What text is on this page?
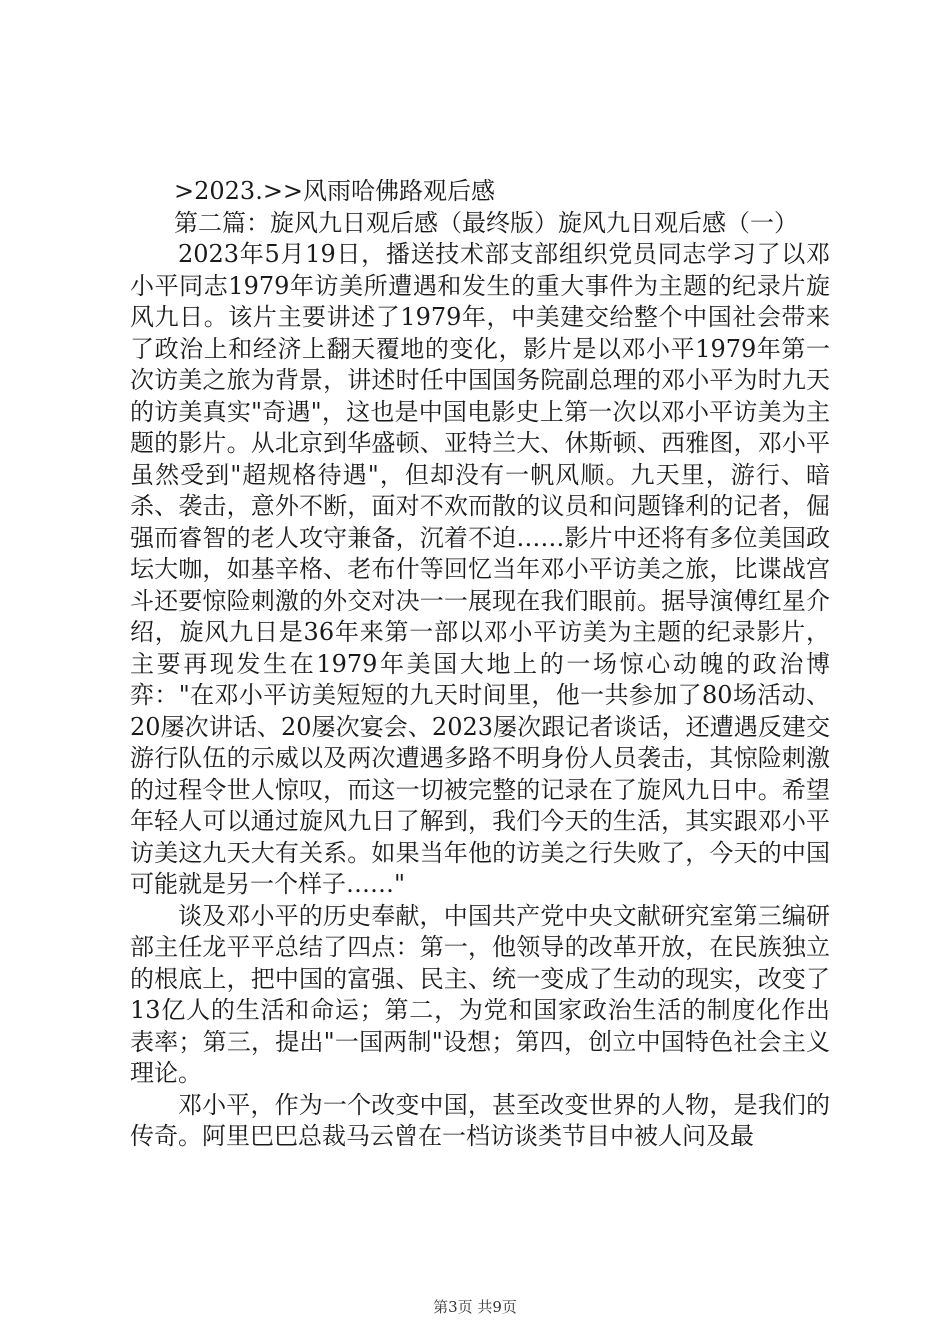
>2023.>>风雨哈佛路观后感

第二篇：旋风九日观后感（最终版）旋风九日观后感（一）

2023年5月19日，播送技术部支部组织党员同志学习了以邓小平同志1979年访美所遭遇和发生的重大事件为主题的纪录片旋风九日。该片主要讲述了1979年，中美建交给整个中国社会带来了政治上和经济上翻天覆地的变化，影片是以邓小平1979年第一次访美之旅为背景，讲述时任中国国务院副总理的邓小平为时九天的访美真实"奇遇"，这也是中国电影史上第一次以邓小平访美为主题的影片。从北京到华盛顿、亚特兰大、休斯顿、西雅图，邓小平虽然受到"超规格待遇"，但却没有一帆风顺。九天里，游行、暗杀、袭击，意外不断，面对不欢而散的议员和问题锋利的记者，倔强而睿智的老人攻守兼备，沉着不迫……影片中还将有多位美国政坛大咖，如基辛格、老布什等回忆当年邓小平访美之旅，比谍战宫斗还要惊险刺激的外交对决一一展现在我们眼前。据导演傅红星介绍，旋风九日是36年来第一部以邓小平访美为主题的纪录影片，主要再现发生在1979年美国大地上的一场惊心动魄的政治博弈："在邓小平访美短短的九天时间里，他一共参加了80场活动、20屡次讲话、20屡次宴会、2023屡次跟记者谈话，还遭遇反建交游行队伍的示威以及两次遭遇多路不明身份人员袭击，其惊险刺激的过程令世人惊叹，而这一切被完整的记录在了旋风九日中。希望年轻人可以通过旋风九日了解到，我们今天的生活，其实跟邓小平访美这九天大有关系。如果当年他的访美之行失败了，今天的中国可能就是另一个样子……"

谈及邓小平的历史奉献，中国共产党中央文献研究室第三编研部主任龙平平总结了四点：第一，他领导的改革开放，在民族独立的根底上，把中国的富强、民主、统一变成了生动的现实，改变了13亿人的生活和命运；第二，为党和国家政治生活的制度化作出表率；第三，提出"一国两制"设想；第四，创立中国特色社会主义理论。

邓小平，作为一个改变中国，甚至改变世界的人物，是我们的传奇。阿里巴巴总裁马云曾在一档访谈类节目中被人问及最

第3页 共9页
